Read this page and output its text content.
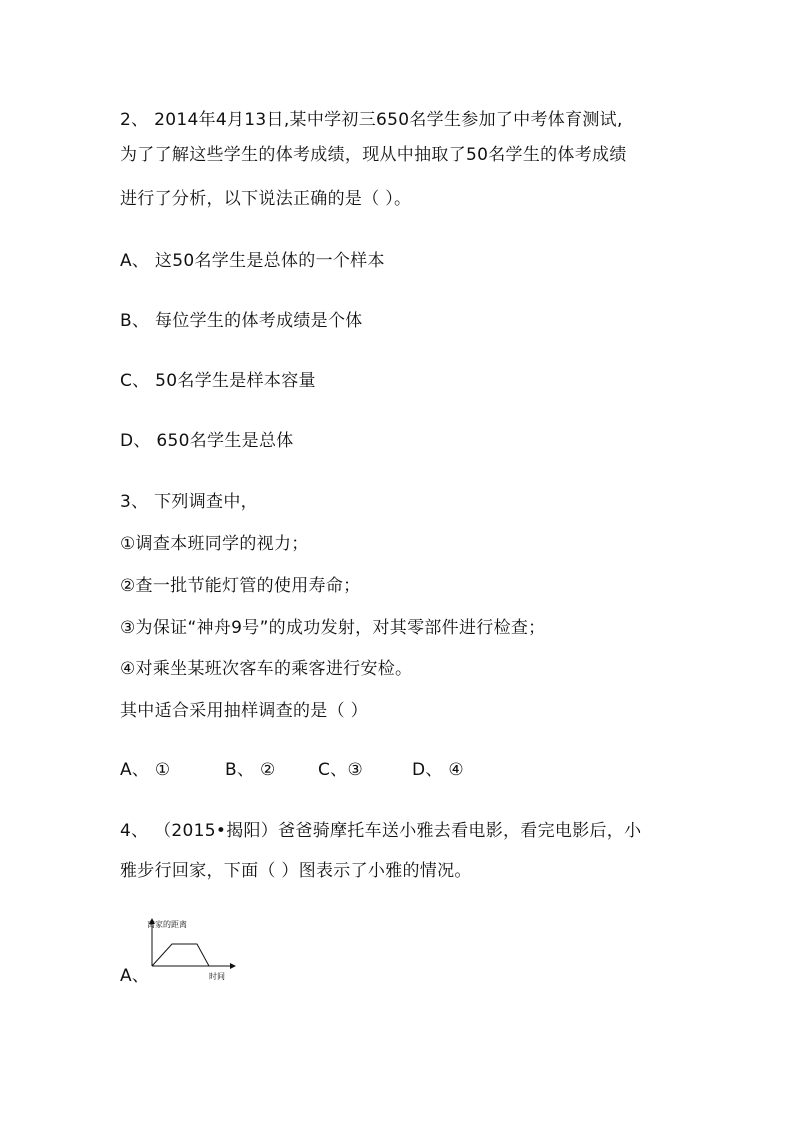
2、 2014年4月13日,某中学初三650名学生参加了中考体育测试,
为了了解这些学生的体考成绩，现从中抽取了50名学生的体考成绩
进行了分析，以下说法正确的是（ ）。
A、 这50名学生是总体的一个样本
B、 每位学生的体考成绩是个体
C、 50名学生是样本容量
D、 650名学生是总体
3、 下列调查中，
①调查本班同学的视力；
②查一批节能灯管的使用寿命；
③为保证“神舟9号”的成功发射，对其零部件进行检查；
④对乘坐某班次客车的乘客进行安检。
其中适合采用抽样调查的是（ ）
A、 ①	B、 ② C、③	D、 ④
4、 （2015•揭阳）爸爸骑摩托车送小雅去看电影，看完电影后，小
雅步行回家，下面（ ）图表示了小雅的情况。
A、
离家的距离
时间
